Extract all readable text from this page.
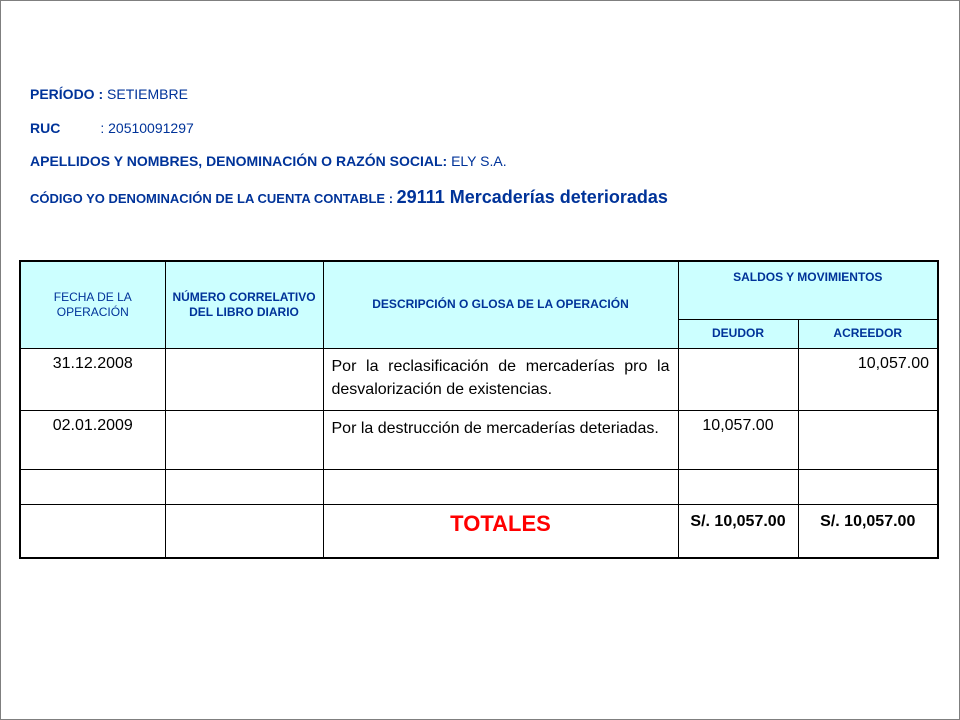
PERÍODO : SETIEMBRE
RUC	: 20510091297
APELLIDOS Y NOMBRES, DENOMINACIÓN O RAZÓN SOCIAL: ELY S.A.
CÓDIGO YO DENOMINACIÓN DE LA CUENTA CONTABLE : 29111 Mercaderías deterioradas
FECHA DE LA OPERACIÓN	NÚMERO CORRELATIVO DEL LIBRO DIARIO	DESCRIPCIÓN O GLOSA DE LA OPERACIÓN	SALDOS Y MOVIMIENTOS	
			DEUDOR	ACREEDOR
31.12.2008		Por la reclasificación de mercaderías pro la desvalorización de existencias.		10,057.00
02.01.2009		Por la destrucción de mercaderías deteriadas.	10,057.00	

		TOTALES	S/. 10,057.00	S/. 10,057.00
